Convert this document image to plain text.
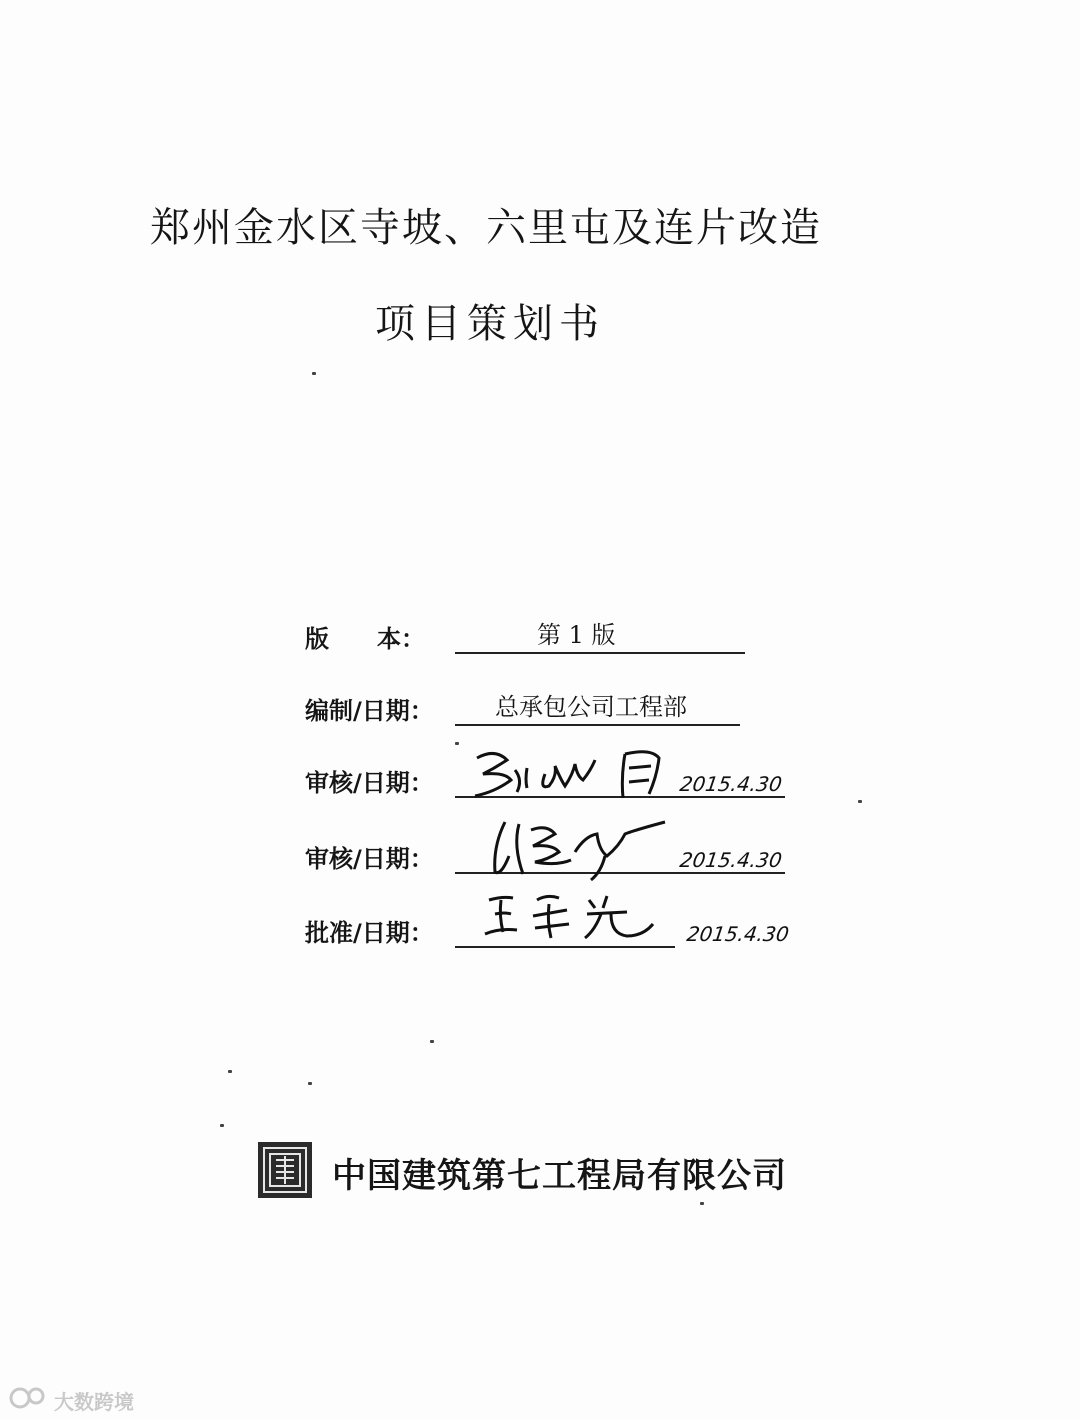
郑州金水区寺坡、六里屯及连片改造
项目策划书
版　　本：	第 1 版
编制/日期：	总承包公司工程部
审核/日期：	2015.4.30
审核/日期：	2015.4.30
批准/日期：	2015.4.30
中国建筑第七工程局有限公司
大数跨境
